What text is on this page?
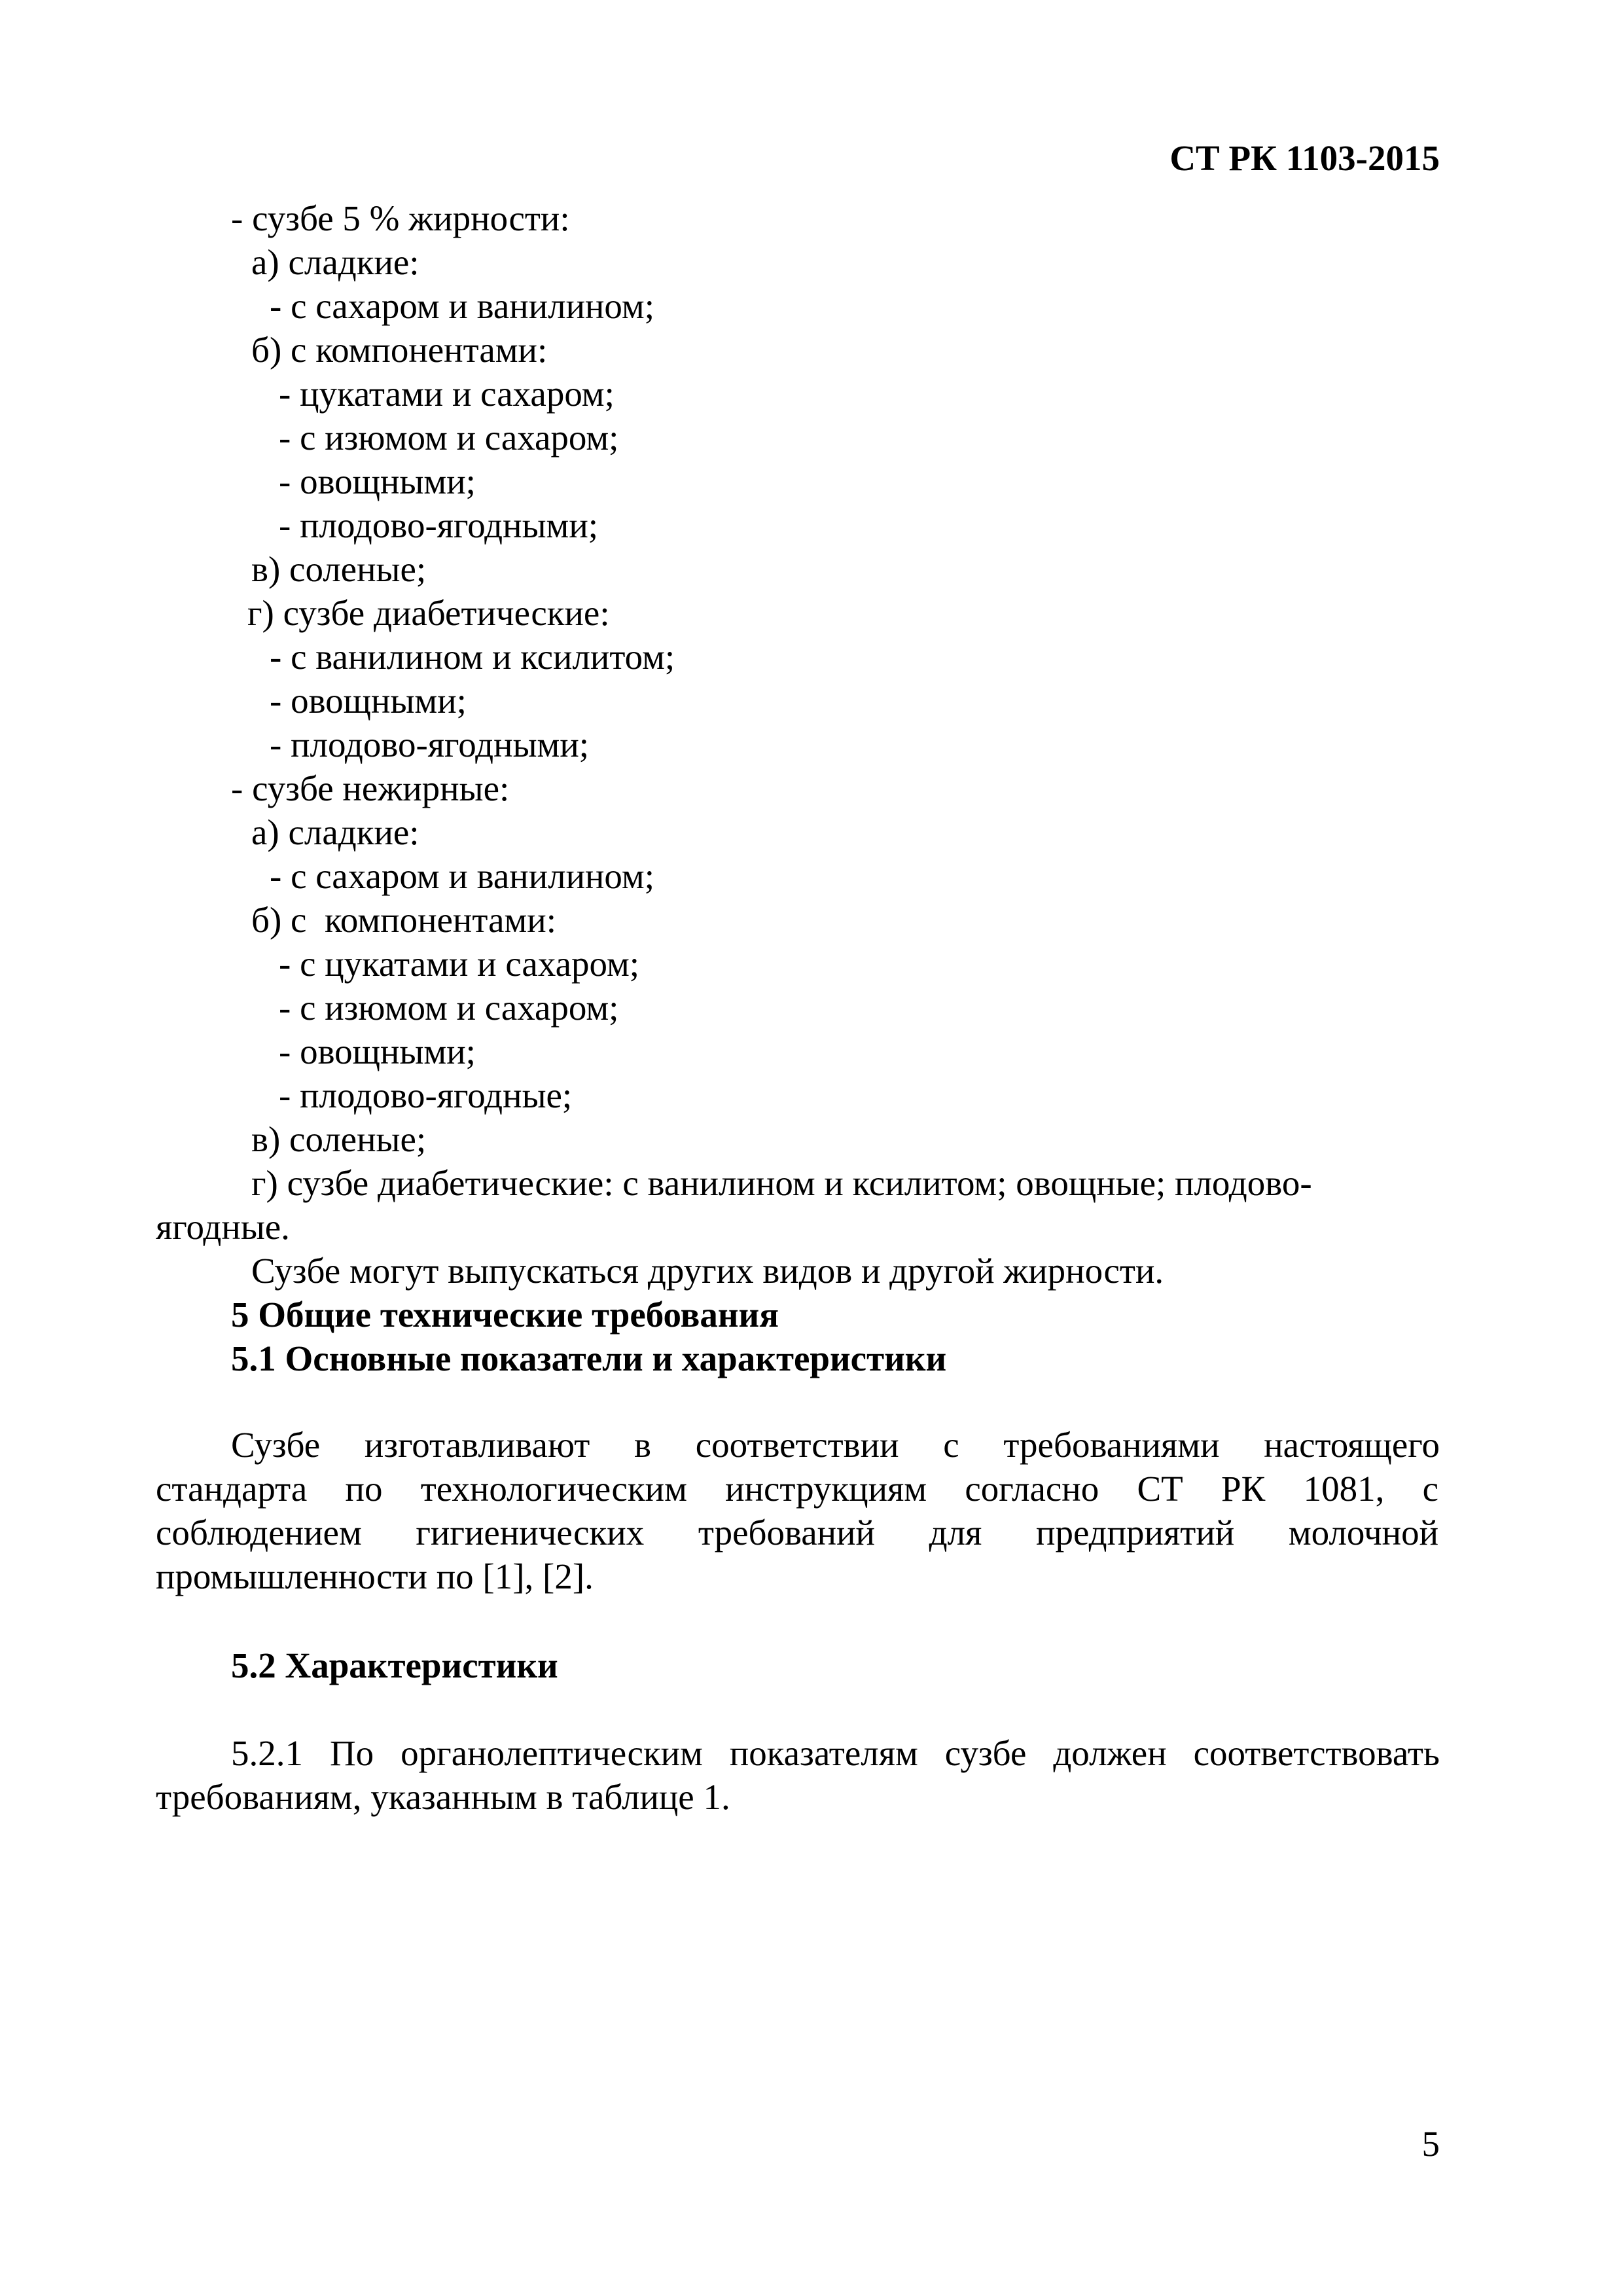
СТ РК 1103-2015
- сузбе 5 % жирности:
а) сладкие:
- с сахаром и ванилином;
б) с компонентами:
- цукатами и сахаром;
- с изюмом и сахаром;
- овощными;
- плодово-ягодными;
в) соленые;
г) сузбе диабетические:
- с ванилином и ксилитом;
- овощными;
- плодово-ягодными;
- сузбе нежирные:
а) сладкие:
- с сахаром и ванилином;
б) с  компонентами:
- с цукатами и сахаром;
- с изюмом и сахаром;
- овощными;
- плодово-ягодные;
в) соленые;
г) сузбе диабетические: с ванилином и ксилитом; овощные; плодово-
ягодные.
Сузбе могут выпускаться других видов и другой жирности.
5 Общие технические требования
5.1 Основные показатели и характеристики
Сузбе изготавливают в соответствии с требованиями настоящего
стандарта по технологическим инструкциям согласно СТ РК 1081, с
соблюдением гигиенических требований для предприятий молочной
промышленности по [1], [2].
5.2 Характеристики
5.2.1 По органолептическим показателям сузбе должен соответствовать
требованиям, указанным в таблице 1.
5
